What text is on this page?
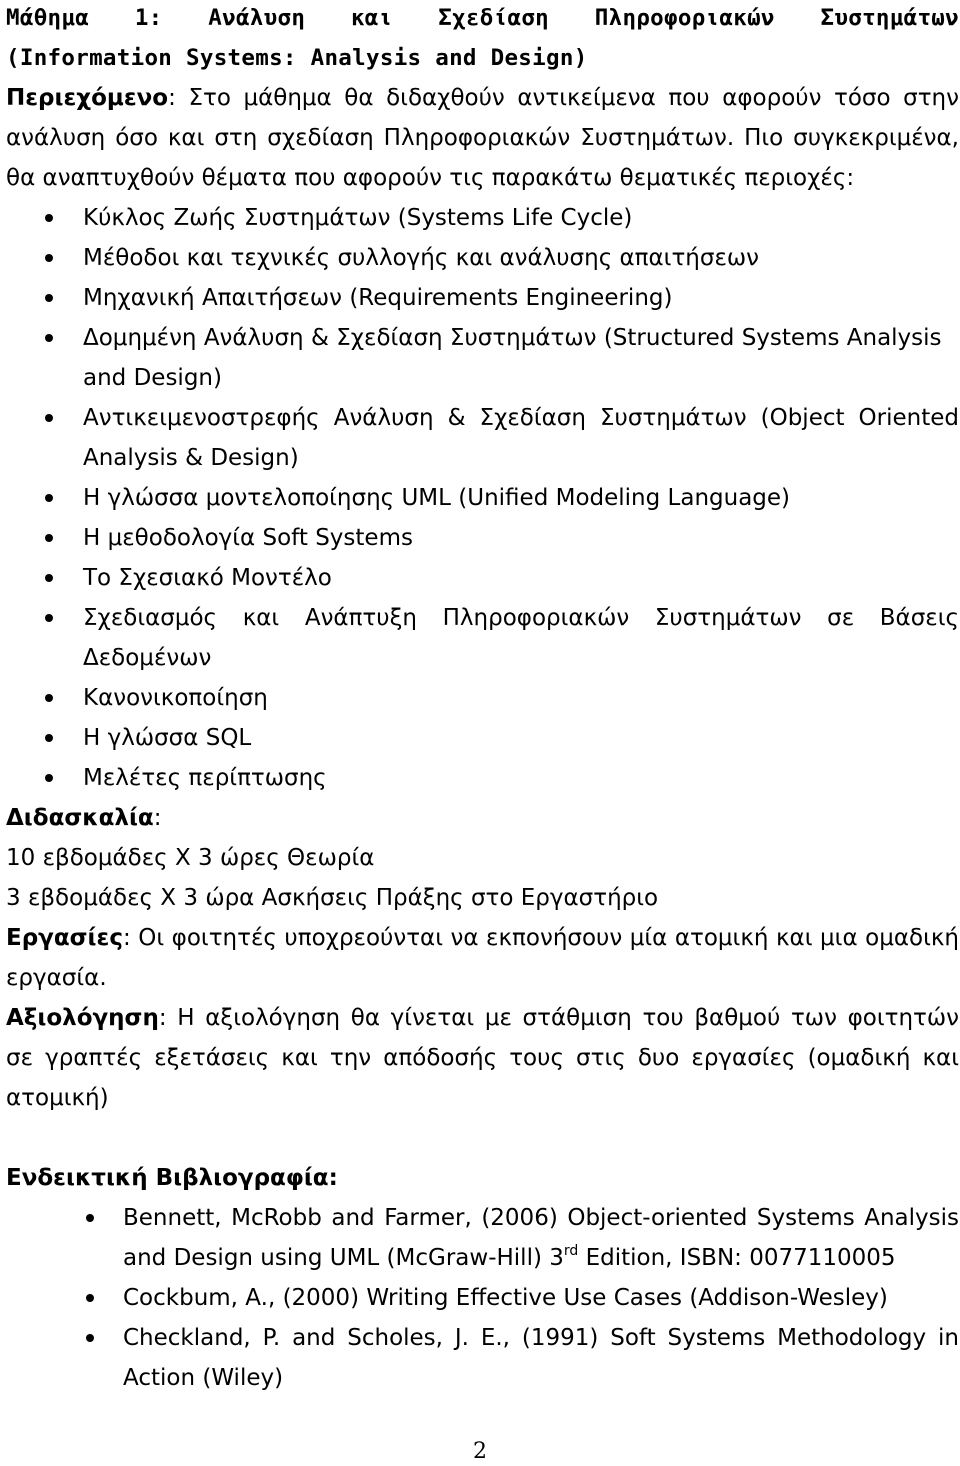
Μάθημα 1: Ανάλυση και Σχεδίαση Πληροφοριακών Συστημάτων
(Information Systems: Analysis and Design)
Περιεχόμενο: Στο μάθημα θα διδαχθούν αντικείμενα που αφορούν τόσο στην ανάλυση όσο και στη σχεδίαση Πληροφοριακών Συστημάτων. Πιο συγκεκριμένα, θα αναπτυχθούν θέματα που αφορούν τις παρακάτω θεματικές περιοχές:
Κύκλος Ζωής Συστημάτων (Systems Life Cycle)
Μέθοδοι και τεχνικές συλλογής και ανάλυσης απαιτήσεων
Μηχανική Απαιτήσεων (Requirements Engineering)
Δομημένη Ανάλυση & Σχεδίαση Συστημάτων (Structured Systems Analysis and Design)
Αντικειμενοστρεφής Ανάλυση & Σχεδίαση Συστημάτων (Object Oriented Analysis & Design)
Η γλώσσα μοντελοποίησης UML (Unified Modeling Language)
Η μεθοδολογία Soft Systems
Το Σχεσιακό Μοντέλο
Σχεδιασμός και Ανάπτυξη Πληροφοριακών Συστημάτων σε Βάσεις Δεδομένων
Κανονικοποίηση
Η γλώσσα SQL
Μελέτες περίπτωσης
Διδασκαλία:
10 εβδομάδες Χ 3 ώρες Θεωρία
3 εβδομάδες Χ 3 ώρα Ασκήσεις Πράξης στο Εργαστήριο
Εργασίες: Οι φοιτητές υποχρεούνται να εκπονήσουν μία ατομική και μια ομαδική εργασία.
Αξιολόγηση: Η αξιολόγηση θα γίνεται με στάθμιση του βαθμού των φοιτητών σε γραπτές εξετάσεις και την απόδοσής τους στις δυο εργασίες (ομαδική και ατομική)
Ενδεικτική Βιβλιογραφία:
Bennett, McRobb and Farmer, (2006) Object-oriented Systems Analysis and Design using UML (McGraw-Hill) 3rd Edition, ISBN: 0077110005
Cockbum, A., (2000) Writing Effective Use Cases (Addison-Wesley)
Checkland, P. and Scholes, J. E., (1991) Soft Systems Methodology in Action (Wiley)
2
